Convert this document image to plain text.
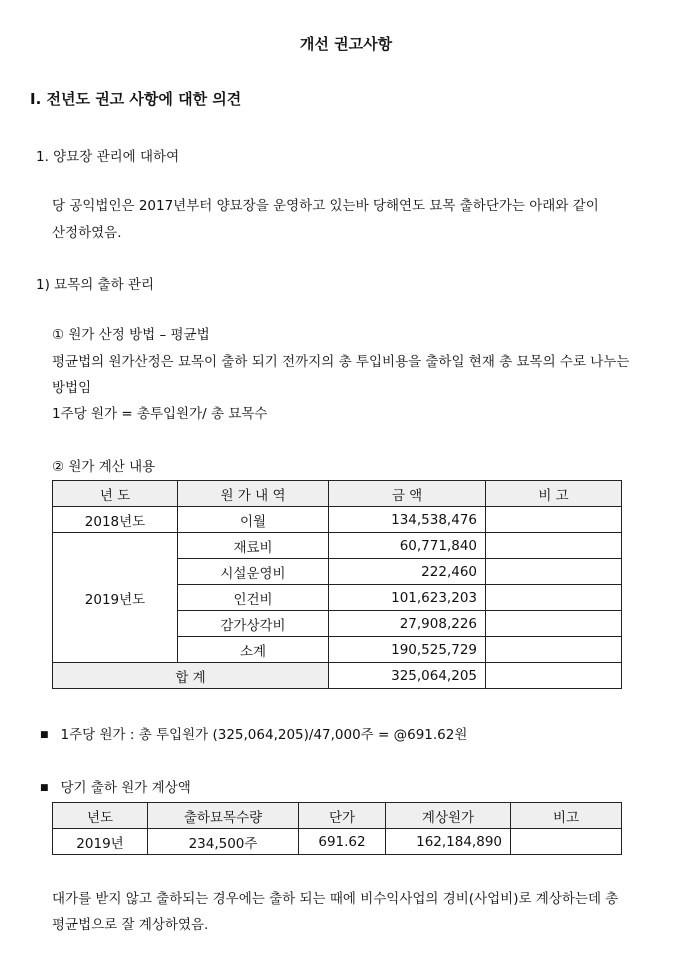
개선 권고사항
I. 전년도 권고 사항에 대한 의견
1. 양묘장 관리에 대하여
당 공익법인은 2017년부터 양묘장을 운영하고 있는바 당해연도 묘목 출하단가는 아래와 같이
산정하였음.
1) 묘목의 출하 관리
① 원가 산정 방법 – 평균법
평균법의 원가산정은 묘목이 출하 되기 전까지의 총 투입비용을 출하일 현재 총 묘목의 수로 나누는
방법임
1주당 원가 = 총투입원가/ 총 묘목수
② 원가 계산 내용
년 도	원 가 내 역	금 액	비 고
2018년도	이월	134,538,476	
2019년도	재료비	60,771,840	
	시설운영비	222,460	
	인건비	101,623,203	
	감가상각비	27,908,226	
	소계	190,525,729	
합 계		325,064,205	
■ 1주당 원가 : 총 투입원가 (325,064,205)/47,000주 = @691.62원
■ 당기 출하 원가 계상액
년도	출하묘목수량	단가	계상원가	비고
2019년	234,500주	691.62	162,184,890	
대가를 받지 않고 출하되는 경우에는 출하 되는 때에 비수익사업의 경비(사업비)로 계상하는데 총
평균법으로 잘 계상하였음.
